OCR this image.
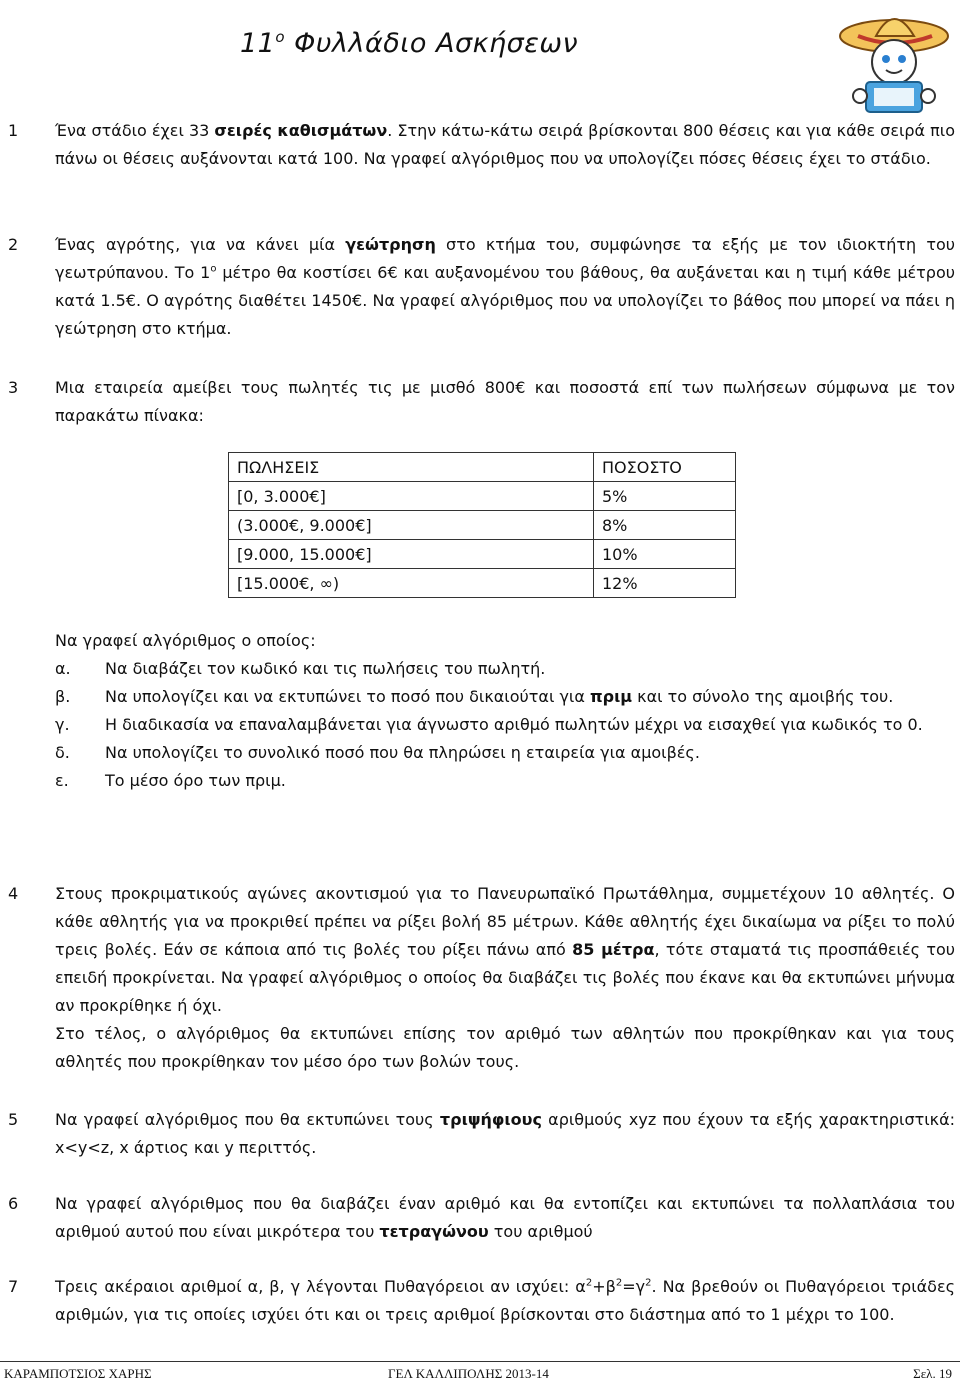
$11^o$ Φυλλάδιο Ασκήσεων
1 Ένα στάδιο έχει 33 σειρές καθισμάτων. Στην κάτω-κάτω σειρά βρίσκονται 800 θέσεις και για κάθε σειρά πιο πάνω οι θέσεις αυξάνονται κατά 100. Να γραφεί αλγόριθμος που να υπολογίζει πόσες θέσεις έχει το στάδιο.

2 Ένας αγρότης, για να κάνει μία γεώτρηση στο κτήμα του, συμφώνησε τα εξής με τον ιδιοκτήτη του γεωτρύπανου. Το $1^o$ μέτρο θα κοστίσει 6€ και αυξανομένου του βάθους, θα αυξάνεται και η τιμή κάθε μέτρου κατά 1.5€. Ο αγρότης διαθέτει 1450€. Να γραφεί αλγόριθμος που να υπολογίζει το βάθος που μπορεί να πάει η γεώτρηση στο κτήμα.

3 Μια εταιρεία αμείβει τους πωλητές τις με μισθό 800€ και ποσοστά επί των πωλήσεων σύμφωνα με τον παρακάτω πίνακα:

ΠΩΛΗΣΕΙΣ	ΠΟΣΟΣΤΟ
[0, 3.000€]	5%
(3.000€, 9.000€]	8%
[9.000, 15.000€]	10%
[15.000€, ∞)	12%

Να γραφεί αλγόριθμος ο οποίος:

α. Να διαβάζει τον κωδικό και τις πωλήσεις του πωλητή.
β. Να υπολογίζει και να εκτυπώνει το ποσό που δικαιούται για πριμ και το σύνολο της αμοιβής του.
γ. Η διαδικασία να επαναλαμβάνεται για άγνωστο αριθμό πωλητών μέχρι να εισαχθεί για κωδικός το 0.
δ. Να υπολογίζει το συνολικό ποσό που θα πληρώσει η εταιρεία για αμοιβές.
ε. Το μέσο όρο των πριμ.
4 Στους προκριματικούς αγώνες ακοντισμού για το Πανευρωπαϊκό Πρωτάθλημα, συμμετέχουν 10 αθλητές. Ο κάθε αθλητής για να προκριθεί πρέπει να ρίξει βολή 85 μέτρων. Κάθε αθλητής έχει δικαίωμα να ρίξει το πολύ τρεις βολές. Εάν σε κάποια από τις βολές του ρίξει πάνω από 85 μέτρα, τότε σταματά τις προσπάθειές του επειδή προκρίνεται. Να γραφεί αλγόριθμος ο οποίος θα διαβάζει τις βολές που έκανε και θα εκτυπώνει μήνυμα αν προκρίθηκε ή όχι.

Στο τέλος, ο αλγόριθμος θα εκτυπώνει επίσης τον αριθμό των αθλητών που προκρίθηκαν και για τους αθλητές που προκρίθηκαν τον μέσο όρο των βολών τους.

5 Να γραφεί αλγόριθμος που θα εκτυπώνει τους τριψήφιους αριθμούς xyz που έχουν τα εξής χαρακτηριστικά: x<y<z, x άρτιος και y περιττός.

6 Να γραφεί αλγόριθμος που θα διαβάζει έναν αριθμό και θα εντοπίζει και εκτυπώνει τα πολλαπλάσια του αριθμού αυτού που είναι μικρότερα του τετραγώνου του αριθμού

7 Τρεις ακέραιοι αριθμοί α, β, γ λέγονται Πυθαγόρειοι αν ισχύει: $\alpha^2+\beta^2=\gamma^2$. Να βρεθούν οι Πυθαγόρειοι τριάδες αριθμών, για τις οποίες ισχύει ότι και οι τρεις αριθμοί βρίσκονται στο διάστημα από το 1 μέχρι το 100.

ΚΑΡΑΜΠΟΤΣΙΟΣ ΧΑΡΗΣ	ΓΕΛ ΚΑΛΛΙΠΟΛΗΣ 2013-14	Σελ. 19
